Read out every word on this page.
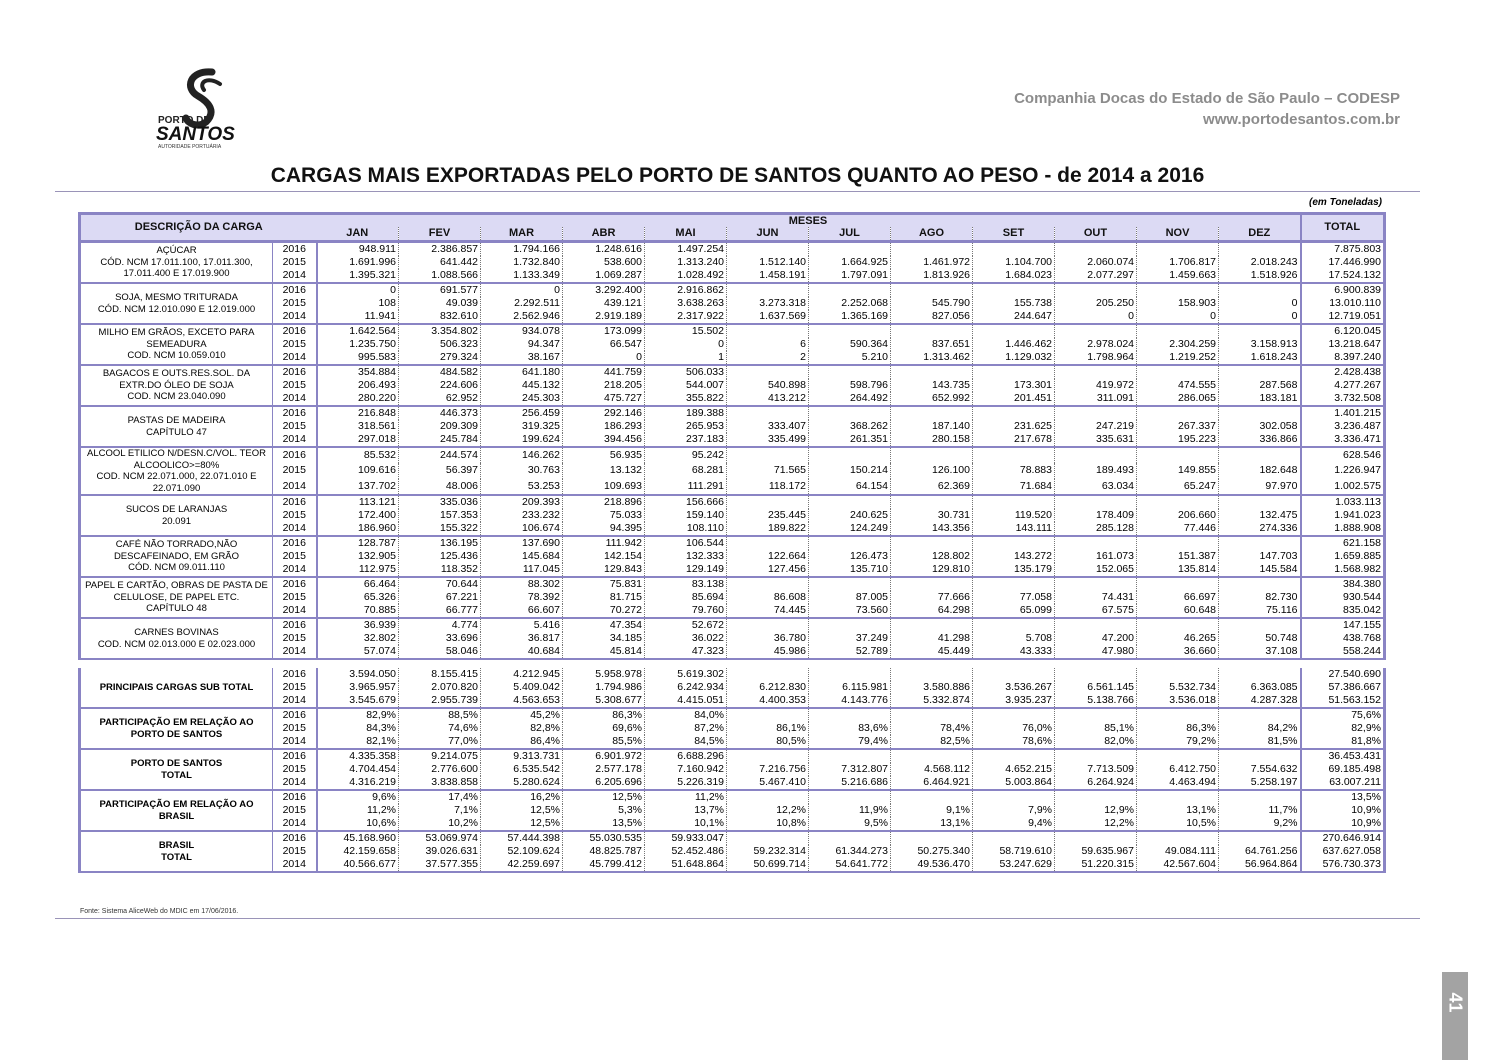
PORTO DE
SANTOS
AUTORIDADE PORTUÁRIA
Companhia Docas do Estado de São Paulo – CODESP
www.portodesantos.com.br
CARGAS MAIS EXPORTADAS PELO PORTO DE SANTOS QUANTO AO PESO - de 2014 a 2016
(em Toneladas)
DESCRIÇÃO DA CARGA		MESES												TOTAL
		JAN	FEV	MAR	ABR	MAI	JUN	JUL	AGO	SET	OUT	NOV	DEZ	
AÇÚCAR
CÓD. NCM 17.011.100, 17.011.300, 17.011.400 E 17.019.900	2016	948.911	2.386.857	1.794.166	1.248.616	1.497.254								7.875.803
	2015	1.691.996	641.442	1.732.840	538.600	1.313.240	1.512.140	1.664.925	1.461.972	1.104.700	2.060.074	1.706.817	2.018.243	17.446.990
	2014	1.395.321	1.088.566	1.133.349	1.069.287	1.028.492	1.458.191	1.797.091	1.813.926	1.684.023	2.077.297	1.459.663	1.518.926	17.524.132
SOJA, MESMO TRITURADA
CÓD. NCM 12.010.090 E 12.019.000	2016	0	691.577	0	3.292.400	2.916.862								6.900.839
	2015	108	49.039	2.292.511	439.121	3.638.263	3.273.318	2.252.068	545.790	155.738	205.250	158.903	0	13.010.110
	2014	11.941	832.610	2.562.946	2.919.189	2.317.922	1.637.569	1.365.169	827.056	244.647	0	0	0	12.719.051
MILHO EM GRÃOS, EXCETO PARA SEMEADURA
COD. NCM 10.059.010	2016	1.642.564	3.354.802	934.078	173.099	15.502								6.120.045
	2015	1.235.750	506.323	94.347	66.547	0	6	590.364	837.651	1.446.462	2.978.024	2.304.259	3.158.913	13.218.647
	2014	995.583	279.324	38.167	0	1	2	5.210	1.313.462	1.129.032	1.798.964	1.219.252	1.618.243	8.397.240
BAGACOS E OUTS.RES.SOL. DA EXTR.DO ÓLEO DE SOJA
COD. NCM 23.040.090	2016	354.884	484.582	641.180	441.759	506.033								2.428.438
	2015	206.493	224.606	445.132	218.205	544.007	540.898	598.796	143.735	173.301	419.972	474.555	287.568	4.277.267
	2014	280.220	62.952	245.303	475.727	355.822	413.212	264.492	652.992	201.451	311.091	286.065	183.181	3.732.508
PASTAS DE MADEIRA
CAPÍTULO 47	2016	216.848	446.373	256.459	292.146	189.388								1.401.215
	2015	318.561	209.309	319.325	186.293	265.953	333.407	368.262	187.140	231.625	247.219	267.337	302.058	3.236.487
	2014	297.018	245.784	199.624	394.456	237.183	335.499	261.351	280.158	217.678	335.631	195.223	336.866	3.336.471
ALCOOL ETILICO N/DESN.C/VOL. TEOR ALCOOLICO>=80%
COD. NCM 22.071.000, 22.071.010 E 22.071.090	2016	85.532	244.574	146.262	56.935	95.242								628.546
	2015	109.616	56.397	30.763	13.132	68.281	71.565	150.214	126.100	78.883	189.493	149.855	182.648	1.226.947
	2014	137.702	48.006	53.253	109.693	111.291	118.172	64.154	62.369	71.684	63.034	65.247	97.970	1.002.575
SUCOS DE LARANJAS
20.091	2016	113.121	335.036	209.393	218.896	156.666								1.033.113
	2015	172.400	157.353	233.232	75.033	159.140	235.445	240.625	30.731	119.520	178.409	206.660	132.475	1.941.023
	2014	186.960	155.322	106.674	94.395	108.110	189.822	124.249	143.356	143.111	285.128	77.446	274.336	1.888.908
CAFÉ NÃO TORRADO,NÃO DESCAFEINADO, EM GRÃO
CÓD. NCM 09.011.110	2016	128.787	136.195	137.690	111.942	106.544								621.158
	2015	132.905	125.436	145.684	142.154	132.333	122.664	126.473	128.802	143.272	161.073	151.387	147.703	1.659.885
	2014	112.975	118.352	117.045	129.843	129.149	127.456	135.710	129.810	135.179	152.065	135.814	145.584	1.568.982
PAPEL E CARTÃO, OBRAS DE PASTA DE CELULOSE, DE PAPEL ETC.
CAPÍTULO 48	2016	66.464	70.644	88.302	75.831	83.138								384.380
	2015	65.326	67.221	78.392	81.715	85.694	86.608	87.005	77.666	77.058	74.431	66.697	82.730	930.544
	2014	70.885	66.777	66.607	70.272	79.760	74.445	73.560	64.298	65.099	67.575	60.648	75.116	835.042
CARNES BOVINAS
COD. NCM 02.013.000 E 02.023.000	2016	36.939	4.774	5.416	47.354	52.672								147.155
	2015	32.802	33.696	36.817	34.185	36.022	36.780	37.249	41.298	5.708	47.200	46.265	50.748	438.768
	2014	57.074	58.046	40.684	45.814	47.323	45.986	52.789	45.449	43.333	47.980	36.660	37.108	558.244

PRINCIPAIS CARGAS SUB TOTAL	2016	3.594.050	8.155.415	4.212.945	5.958.978	5.619.302								27.540.690
	2015	3.965.957	2.070.820	5.409.042	1.794.986	6.242.934	6.212.830	6.115.981	3.580.886	3.536.267	6.561.145	5.532.734	6.363.085	57.386.667
	2014	3.545.679	2.955.739	4.563.653	5.308.677	4.415.051	4.400.353	4.143.776	5.332.874	3.935.237	5.138.766	3.536.018	4.287.328	51.563.152
PARTICIPAÇÃO EM RELAÇÃO AO PORTO DE SANTOS	2016	82,9%	88,5%	45,2%	86,3%	84,0%								75,6%
	2015	84,3%	74,6%	82,8%	69,6%	87,2%	86,1%	83,6%	78,4%	76,0%	85,1%	86,3%	84,2%	82,9%
	2014	82,1%	77,0%	86,4%	85,5%	84,5%	80,5%	79,4%	82,5%	78,6%	82,0%	79,2%	81,5%	81,8%
PORTO DE SANTOS
TOTAL	2016	4.335.358	9.214.075	9.313.731	6.901.972	6.688.296								36.453.431
	2015	4.704.454	2.776.600	6.535.542	2.577.178	7.160.942	7.216.756	7.312.807	4.568.112	4.652.215	7.713.509	6.412.750	7.554.632	69.185.498
	2014	4.316.219	3.838.858	5.280.624	6.205.696	5.226.319	5.467.410	5.216.686	6.464.921	5.003.864	6.264.924	4.463.494	5.258.197	63.007.211
PARTICIPAÇÃO EM RELAÇÃO AO BRASIL	2016	9,6%	17,4%	16,2%	12,5%	11,2%								13,5%
	2015	11,2%	7,1%	12,5%	5,3%	13,7%	12,2%	11,9%	9,1%	7,9%	12,9%	13,1%	11,7%	10,9%
	2014	10,6%	10,2%	12,5%	13,5%	10,1%	10,8%	9,5%	13,1%	9,4%	12,2%	10,5%	9,2%	10,9%
BRASIL
TOTAL	2016	45.168.960	53.069.974	57.444.398	55.030.535	59.933.047								270.646.914
	2015	42.159.658	39.026.631	52.109.624	48.825.787	52.452.486	59.232.314	61.344.273	50.275.340	58.719.610	59.635.967	49.084.111	64.761.256	637.627.058
	2014	40.566.677	37.577.355	42.259.697	45.799.412	51.648.864	50.699.714	54.641.772	49.536.470	53.247.629	51.220.315	42.567.604	56.964.864	576.730.373
Fonte: Sistema AliceWeb do MDIC em 17/06/2016.
41
